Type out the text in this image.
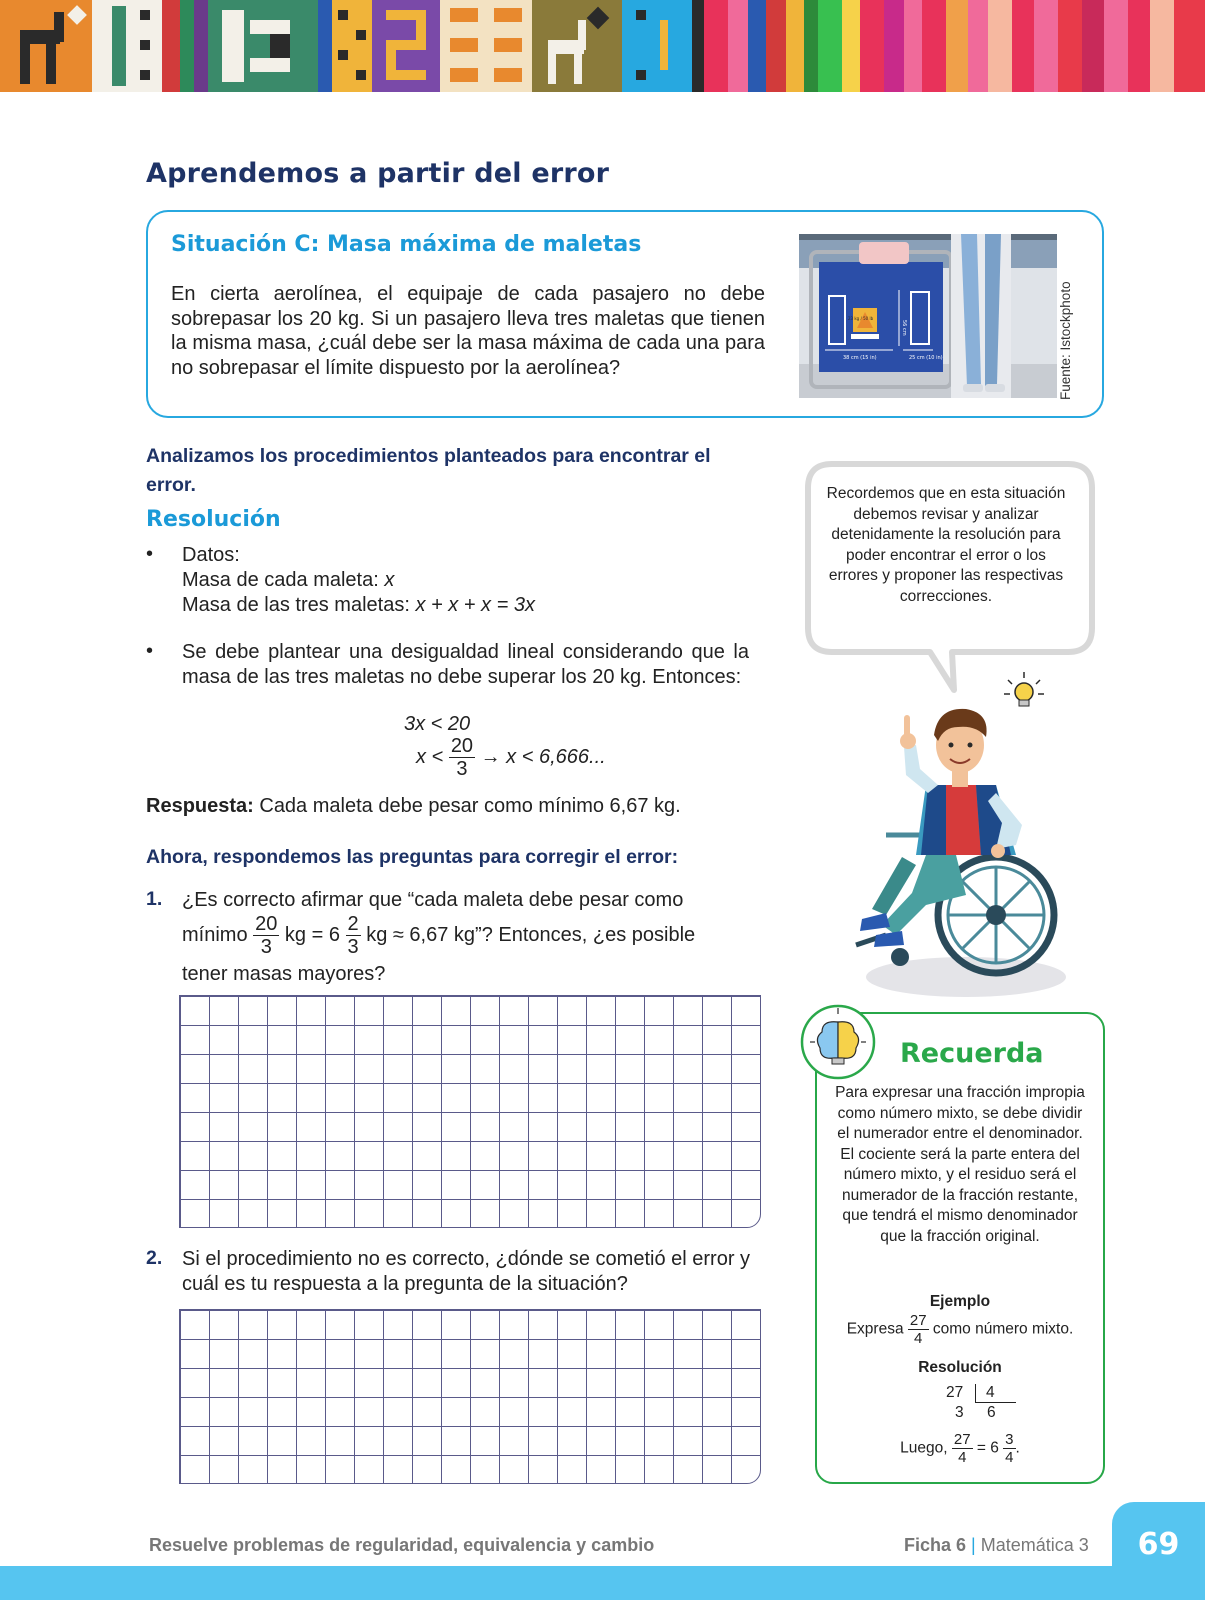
Aprendemos a partir del error
Situación C: Masa máxima de maletas
En cierta aerolínea, el equipaje de cada pasajero no debe sobrepasar los 20 kg. Si un pasajero lleva tres maletas que tienen la misma masa, ¿cuál debe ser la masa máxima de cada una para no sobrepasar el límite dispuesto por la aerolínea?	38 cm (15 in)
56 cm
25 cm (10 in)
23 kg / 50 lb	Fuente: Istockphoto
Analizamos los procedimientos planteados para encontrar el error.
Resolución
• Datos:
Masa de cada maleta: x
Masa de las tres maletas: x + x + x = 3x
• Se debe plantear una desigualdad lineal considerando que la masa de las tres maletas no debe superar los 20 kg. Entonces:
3x < 20
$x < \frac{20}{3} \to x < 6,666$...
Respuesta: Cada maleta debe pesar como mínimo 6,67 kg.
Ahora, respondemos las preguntas para corregir el error:
1. ¿Es correcto afirmar que “cada maleta debe pesar como
mínimo $\frac{20}{3}$ kg = $6 \frac{2}{3}$ kg ≈ 6,67 kg”? Entonces, ¿es posible
tener masas mayores?
2. Si el procedimiento no es correcto, ¿dónde se cometió el error y cuál es tu respuesta a la pregunta de la situación?
Recordemos que en esta situación debemos revisar y analizar detenidamente la resolución para poder encontrar el error o los errores y proponer las respectivas correcciones.
Recuerda
Para expresar una fracción impropia como número mixto, se debe dividir el numerador entre el denominador. El cociente será la parte entera del número mixto, y el residuo será el numerador de la fracción restante, que tendrá el mismo denominador que la fracción original.
Ejemplo
Expresa $\frac{27}{4}$ como número mixto.
Resolución
27	4
3 6
Luego, $\frac{27}{4} = 6 \frac{3}{4}$ .
69
Resuelve problemas de regularidad, equivalencia y cambio	Ficha 6 | Matemática 3
